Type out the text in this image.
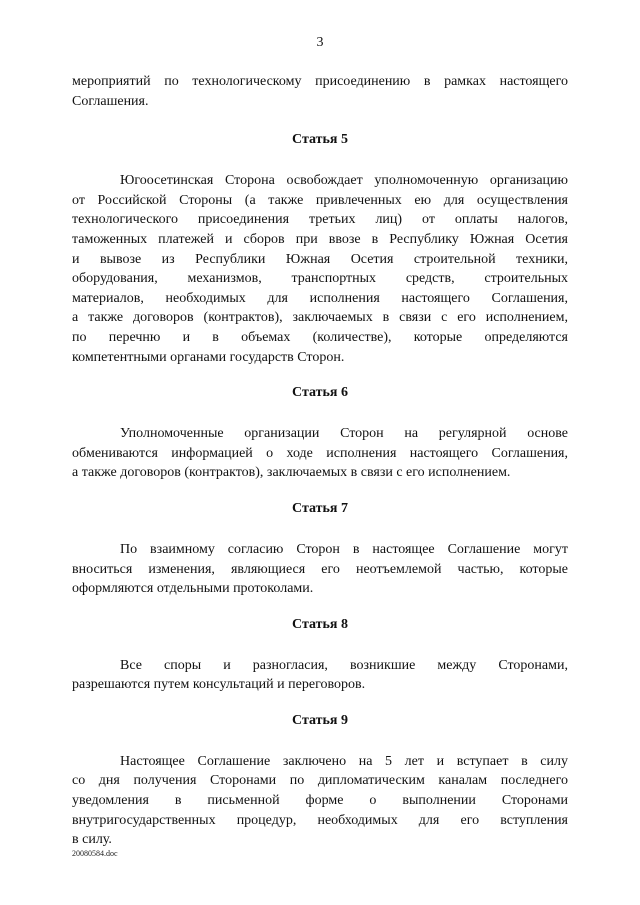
3

мероприятий по технологическому присоединению в рамках настоящего
Соглашения.

Статья 5

Югоосетинская Сторона освобождает уполномоченную организацию
от Российской Стороны (а также привлеченных ею для осуществления
технологического присоединения третьих лиц) от оплаты налогов,
таможенных платежей и сборов при ввозе в Республику Южная Осетия
и вывозе из Республики Южная Осетия строительной техники,
оборудования, механизмов, транспортных средств, строительных
материалов, необходимых для исполнения настоящего Соглашения,
а также договоров (контрактов), заключаемых в связи с его исполнением,
по перечню и в объемах (количестве), которые определяются
компетентными органами государств Сторон.

Статья 6

Уполномоченные организации Сторон на регулярной основе
обмениваются информацией о ходе исполнения настоящего Соглашения,
а также договоров (контрактов), заключаемых в связи с его исполнением.

Статья 7

По взаимному согласию Сторон в настоящее Соглашение могут
вноситься изменения, являющиеся его неотъемлемой частью, которые
оформляются отдельными протоколами.

Статья 8

Все споры и разногласия, возникшие между Сторонами,
разрешаются путем консультаций и переговоров.

Статья 9

Настоящее Соглашение заключено на 5 лет и вступает в силу
со дня получения Сторонами по дипломатическим каналам последнего
уведомления в письменной форме о выполнении Сторонами
внутригосударственных процедур, необходимых для его вступления
в силу.

20080584.doc
